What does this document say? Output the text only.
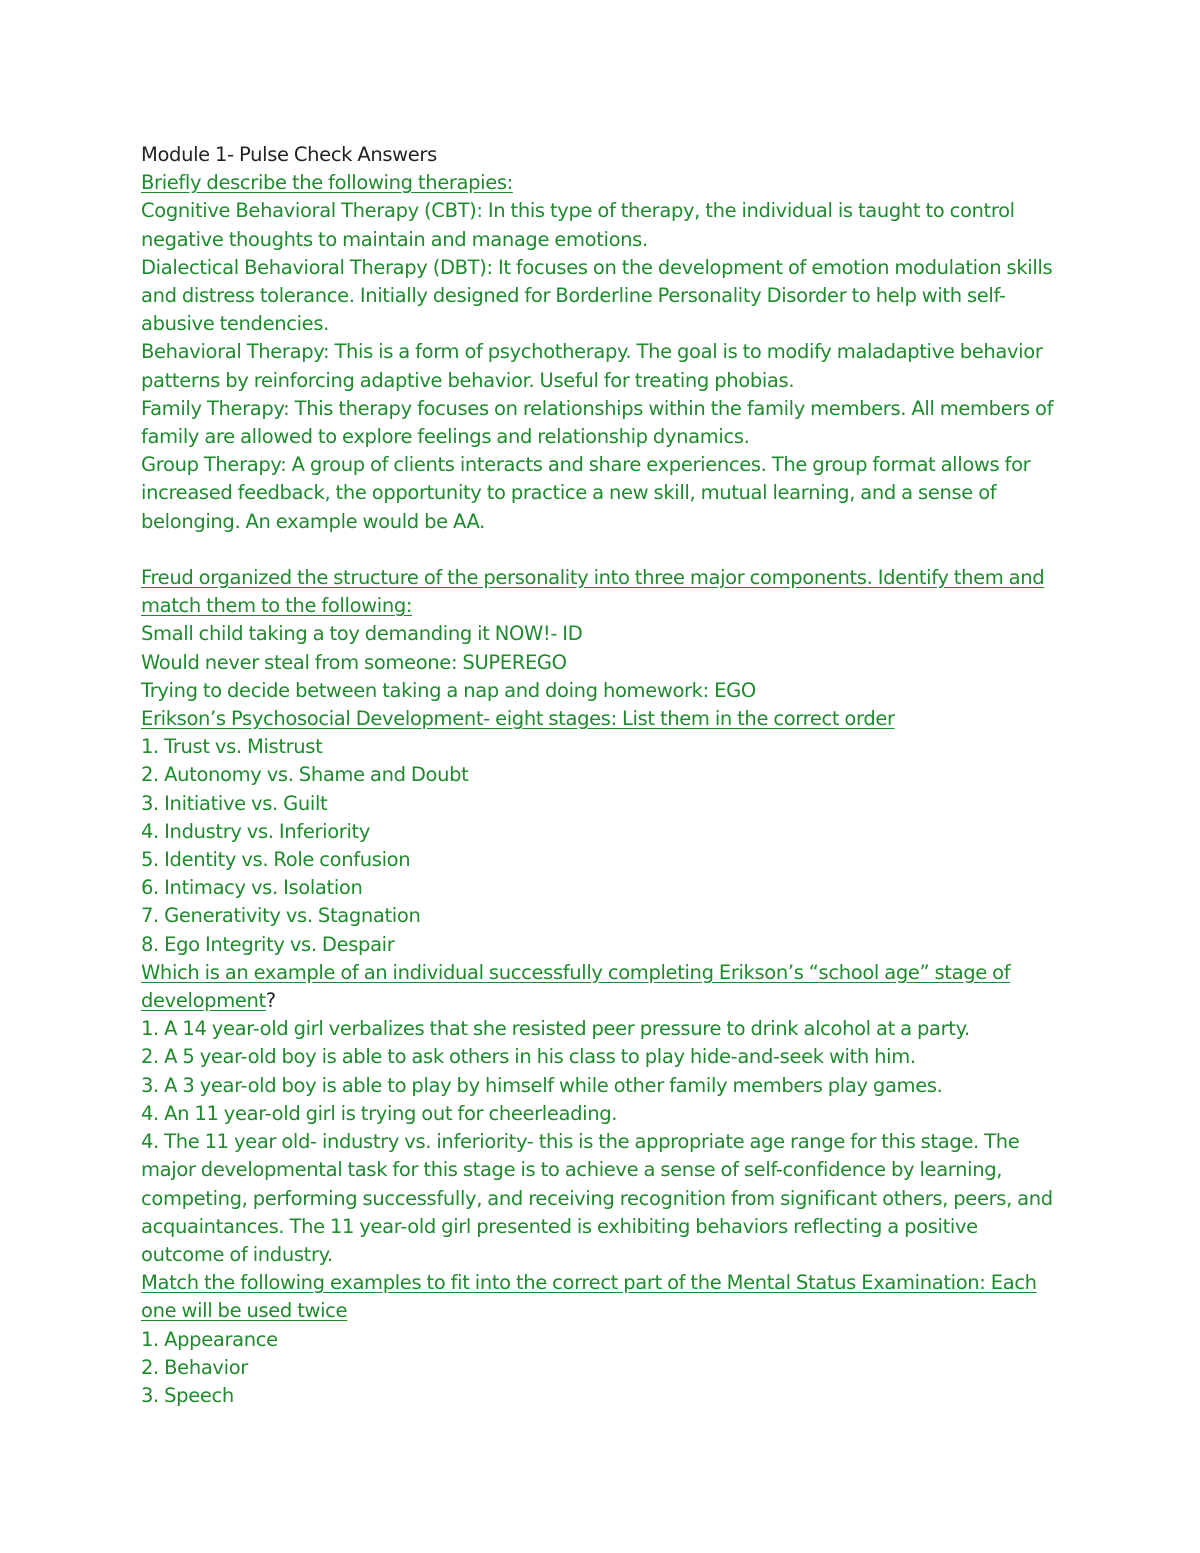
Module 1- Pulse Check Answers

Briefly describe the following therapies:

Cognitive Behavioral Therapy (CBT): In this type of therapy, the individual is taught to control negative thoughts to maintain and manage emotions.

Dialectical Behavioral Therapy (DBT): It focuses on the development of emotion modulation skills and distress tolerance. Initially designed for Borderline Personality Disorder to help with self-abusive tendencies.

Behavioral Therapy: This is a form of psychotherapy. The goal is to modify maladaptive behavior patterns by reinforcing adaptive behavior. Useful for treating phobias.

Family Therapy: This therapy focuses on relationships within the family members. All members of family are allowed to explore feelings and relationship dynamics.

Group Therapy: A group of clients interacts and share experiences. The group format allows for increased feedback, the opportunity to practice a new skill, mutual learning, and a sense of belonging. An example would be AA.

Freud organized the structure of the personality into three major components. Identify them and match them to the following:

Small child taking a toy demanding it NOW!- ID

Would never steal from someone: SUPEREGO

Trying to decide between taking a nap and doing homework: EGO

Erikson’s Psychosocial Development- eight stages: List them in the correct order

1. Trust vs. Mistrust

2. Autonomy vs. Shame and Doubt

3. Initiative vs. Guilt

4. Industry vs. Inferiority

5. Identity vs. Role confusion

6. Intimacy vs. Isolation

7. Generativity vs. Stagnation

8. Ego Integrity vs. Despair

Which is an example of an individual successfully completing Erikson’s “school age” stage of development?

1. A 14 year-old girl verbalizes that she resisted peer pressure to drink alcohol at a party.

2. A 5 year-old boy is able to ask others in his class to play hide-and-seek with him.

3. A 3 year-old boy is able to play by himself while other family members play games.

4. An 11 year-old girl is trying out for cheerleading.

4. The 11 year old- industry vs. inferiority- this is the appropriate age range for this stage. The major developmental task for this stage is to achieve a sense of self-confidence by learning, competing, performing successfully, and receiving recognition from significant others, peers, and acquaintances. The 11 year-old girl presented is exhibiting behaviors reflecting a positive outcome of industry.

Match the following examples to fit into the correct part of the Mental Status Examination: Each one will be used twice

1. Appearance

2. Behavior

3. Speech
